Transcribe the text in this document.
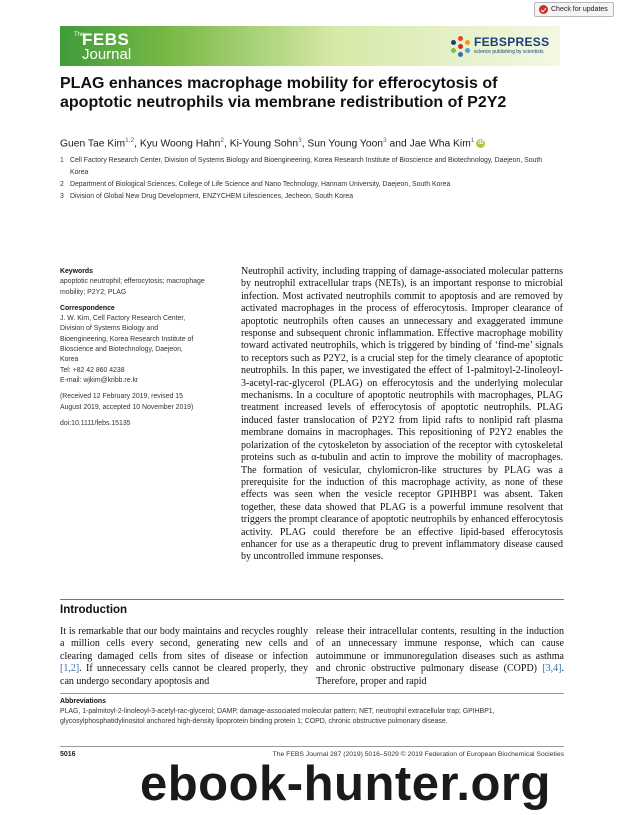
Check for updates
The
FEBS
Journal
FEBSPRESS
science publishing by scientists
PLAG enhances macrophage mobility for efferocytosis of apoptotic neutrophils via membrane redistribution of P2Y2
Guen Tae Kim$^{1,2}$, Kyu Woong Hahn$^2$, Ki-Young Sohn$^3$, Sun Young Yoon$^3$ and Jae Wha Kim$^1$ iD
1 Cell Factory Research Center, Division of Systems Biology and Bioengineering, Korea Research Institute of Bioscience and Biotechnology, Daejeon, South Korea
2 Department of Biological Sciences, College of Life Science and Nano Technology, Hannam University, Daejeon, South Korea
3 Division of Global New Drug Development, ENZYCHEM Lifesciences, Jecheon, South Korea
Keywords
apoptotic neutrophil; efferocytosis; macrophage mobility; P2Y2; PLAG
Correspondence
J. W. Kim, Cell Factory Research Center,
Division of Systems Biology and
Bioengineering, Korea Research Institute of
Bioscience and Biotechnology, Daejeon,
Korea
Tel: +82 42 860 4238
E-mail: wjkim@kribb.re.kr
(Received 12 February 2019, revised 15
August 2019, accepted 10 November 2019)
doi:10.1111/febs.15135

Neutrophil activity, including trapping of damage-associated molecular patterns by neutrophil extracellular traps (NETs), is an important response to microbial infection. Most activated neutrophils commit to apoptosis and are removed by activated macrophages in the process of efferocytosis. Improper clearance of apoptotic neutrophils often causes an unnecessary and exaggerated immune response and subsequent chronic inflammation. Effective macrophage mobility toward activated neutrophils, which is triggered by binding of ‘find-me’ signals to receptors such as P2Y2, is a crucial step for the timely clearance of apoptotic neutrophils. In this paper, we investigated the effect of 1-palmitoyl-2-linoleoyl-3-acetyl-rac-glycerol (PLAG) on efferocytosis and the underlying molecular mechanisms. In a coculture of apoptotic neutrophils with macrophages, PLAG treatment increased levels of efferocytosis of apoptotic neutrophils. PLAG induced faster translocation of P2Y2 from lipid rafts to nonlipid raft plasma membrane domains in macrophages. This repositioning of P2Y2 enables the polarization of the cytoskeleton by association of the receptor with cytoskeletal proteins such as α-tubulin and actin to improve the mobility of macrophages. The formation of vesicular, chylomicron-like structures by PLAG was a prerequisite for the induction of this macrophage activity, as none of these effects was seen when the vesicle receptor GPIHBP1 was absent. Taken together, these data showed that PLAG is a powerful immune resolvent that triggers the prompt clearance of apoptotic neutrophils by enhanced efferocytosis activity. PLAG could therefore be an effective lipid-based efferocytosis enhancer for use as a therapeutic drug to prevent inflammatory disease caused by uncontrolled immune responses.

Introduction

It is remarkable that our body maintains and recycles roughly a million cells every second, generating new cells and clearing damaged cells from sites of disease or infection [1,2]. If unnecessary cells cannot be cleared properly, they can undergo secondary apoptosis and

release their intracellular contents, resulting in the induction of an unnecessary immune response, which can cause autoimmune or immunoregulation diseases such as asthma and chronic obstructive pulmonary disease (COPD) [3,4]. Therefore, proper and rapid

Abbreviations
PLAG, 1-palmitoyl-2-linoleoyl-3-acetyl-rac-glycerol; DAMP, damage-associated molecular pattern; NET, neutrophil extracellular trap; GPIHBP1, glycosylphosphatidylinositol anchored high-density lipoprotein binding protein 1; COPD, chronic obstructive pulmonary disease.
5016	The FEBS Journal 287 (2019) 5016–5029 © 2019 Federation of European Biochemical Societies
ebook-hunter.org
